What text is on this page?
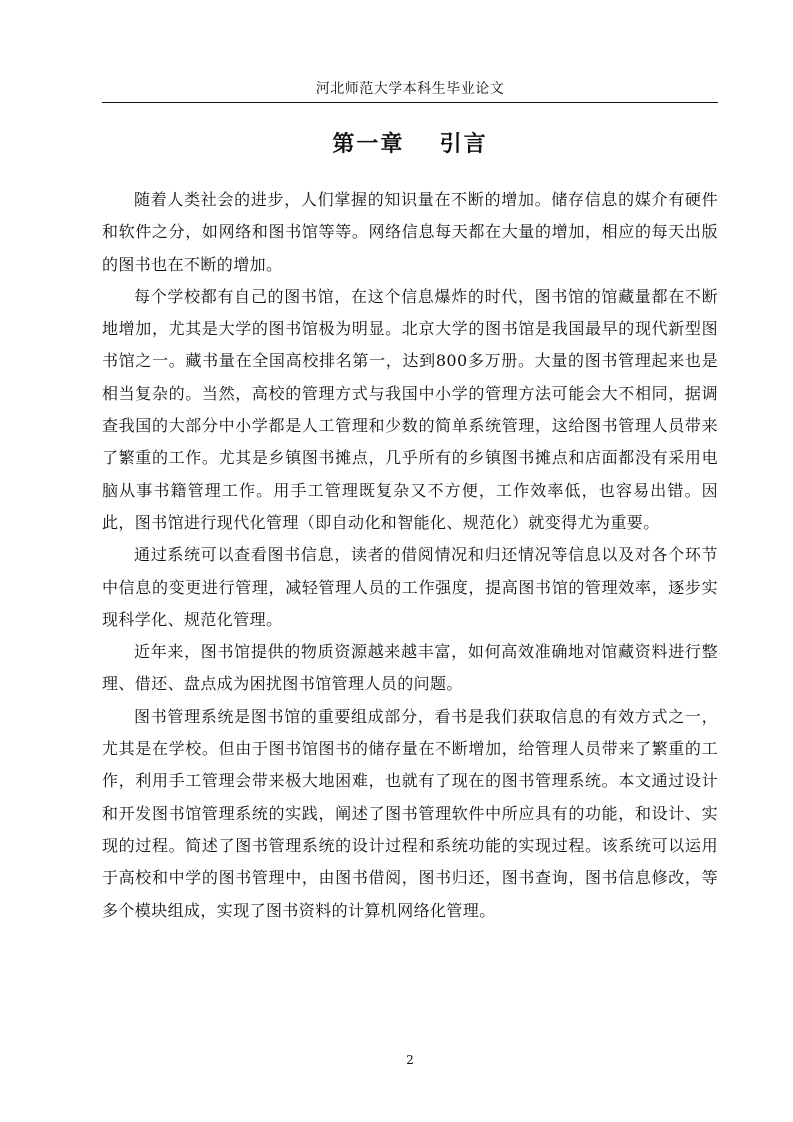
河北师范大学本科生毕业论文
第一章  引言

随着人类社会的进步，人们掌握的知识量在不断的增加。储存信息的媒介有硬件和软件之分，如网络和图书馆等等。网络信息每天都在大量的增加，相应的每天出版的图书也在不断的增加。

每个学校都有自己的图书馆，在这个信息爆炸的时代，图书馆的馆藏量都在不断地增加，尤其是大学的图书馆极为明显。北京大学的图书馆是我国最早的现代新型图书馆之一。藏书量在全国高校排名第一，达到800多万册。大量的图书管理起来也是相当复杂的。当然，高校的管理方式与我国中小学的管理方法可能会大不相同，据调查我国的大部分中小学都是人工管理和少数的简单系统管理，这给图书管理人员带来了繁重的工作。尤其是乡镇图书摊点，几乎所有的乡镇图书摊点和店面都没有采用电脑从事书籍管理工作。用手工管理既复杂又不方便，工作效率低，也容易出错。因此，图书馆进行现代化管理（即自动化和智能化、规范化）就变得尤为重要。

通过系统可以查看图书信息，读者的借阅情况和归还情况等信息以及对各个环节中信息的变更进行管理，减轻管理人员的工作强度，提高图书馆的管理效率，逐步实现科学化、规范化管理。

近年来，图书馆提供的物质资源越来越丰富，如何高效准确地对馆藏资料进行整理、借还、盘点成为困扰图书馆管理人员的问题。

图书管理系统是图书馆的重要组成部分，看书是我们获取信息的有效方式之一，尤其是在学校。但由于图书馆图书的储存量在不断增加，给管理人员带来了繁重的工作，利用手工管理会带来极大地困难，也就有了现在的图书管理系统。本文通过设计和开发图书馆管理系统的实践，阐述了图书管理软件中所应具有的功能，和设计、实现的过程。简述了图书管理系统的设计过程和系统功能的实现过程。该系统可以运用于高校和中学的图书管理中，由图书借阅，图书归还，图书查询，图书信息修改，等多个模块组成，实现了图书资料的计算机网络化管理。

2
